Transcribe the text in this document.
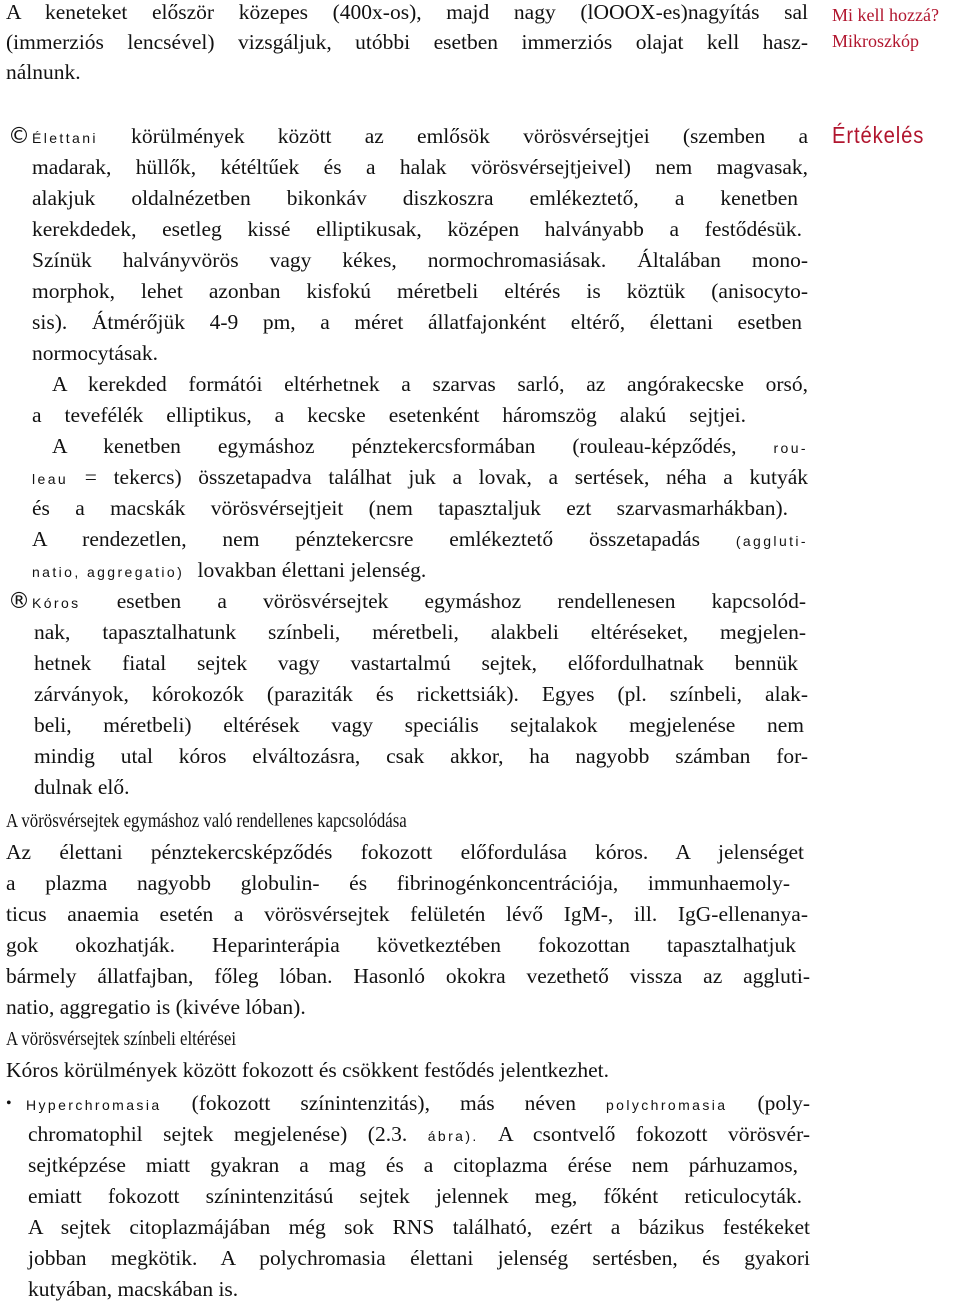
Mi kell hozzá?
Mikroszkóp
Értékelés
A keneteket először közepes (400x-os), majd nagy (lOOOX-es)nagyítás sal
(immerziós lencsével) vizsgáljuk, utóbbi esetben immerziós olajat kell hasz-
nálnunk.
© Élettani körülmények között az emlősök vörösvérsejtjei (szemben a
madarak, hüllők, kétéltűek és a halak vörösvérsejtjeivel) nem magvasak,
alakjuk oldalnézetben bikonkáv diszkoszra emlékeztető, a kenetben
kerekdedek, esetleg kissé elliptikusak, középen halványabb a festődésük.
Színük halványvörös vagy kékes, normochromasiásak. Általában mono-
morphok, lehet azonban kisfokú méretbeli eltérés is köztük (anisocyto-
sis). Átmérőjük 4-9 pm, a méret állatfajonként eltérő, élettani esetben
normocytásak.
A kerekded formátói eltérhetnek a szarvas sarló, az angórakecske orsó,
a tevefélék elliptikus, a kecske esetenként háromszög alakú sejtjei.
A kenetben egymáshoz pénztekercsformában (rouleau-képződés,	rou-
leau = tekercs) összetapadva találhat juk a lovak, a sertések, néha a kutyák
és a macskák vörösvérsejtjeit (nem tapasztaljuk ezt szarvasmarhákban).
A rendezetlen, nem pénztekercsre emlékeztető összetapadás	(aggluti-
natio, aggregatio) lovakban élettani jelenség.
® Kóros esetben a vörösvérsejtek egymáshoz rendellenesen kapcsolód-
nak, tapasztalhatunk színbeli, méretbeli, alakbeli eltéréseket, megjelen-
hetnek fiatal sejtek vagy vastartalmú sejtek, előfordulhatnak bennük
zárványok, kórokozók (paraziták és rickettsiák). Egyes (pl. színbeli, alak-
beli, méretbeli) eltérések vagy speciális sejtalakok megjelenése nem
mindig utal kóros elváltozásra, csak akkor, ha nagyobb számban for-
dulnak elő.
A vörösvérsejtek egymáshoz való rendellenes kapcsolódása
Az élettani pénztekercsképződés fokozott előfordulása kóros. A jelenséget
a plazma nagyobb globulin- és fibrinogénkoncentrációja, immunhaemoly-
ticus anaemia esetén a vörösvérsejtek felületén lévő IgM-, ill. IgG-ellenanya-
gok okozhatják. Heparinterápia következtében fokozottan tapasztalhatjuk
bármely állatfajban, főleg lóban. Hasonló okokra vezethető vissza az aggluti-
natio, aggregatio is (kivéve lóban).
A vörösvérsejtek színbeli eltérései
Kóros körülmények között fokozott és csökkent festődés jelentkezhet.
• Hyperchromasia (fokozott színintenzitás), más néven polychromasia (poly-
chromatophil sejtek megjelenése) (2.3. ábra). A csontvelő fokozott vörösvér-
sejtképzése miatt gyakran a mag és a citoplazma érése nem párhuzamos,
emiatt fokozott színintenzitású sejtek jelennek meg, főként reticulocyták.
A sejtek citoplazmájában még sok RNS található, ezért a bázikus festékeket
jobban megkötik. A polychromasia élettani jelenség sertésben, és gyakori
kutyában, macskában is.
